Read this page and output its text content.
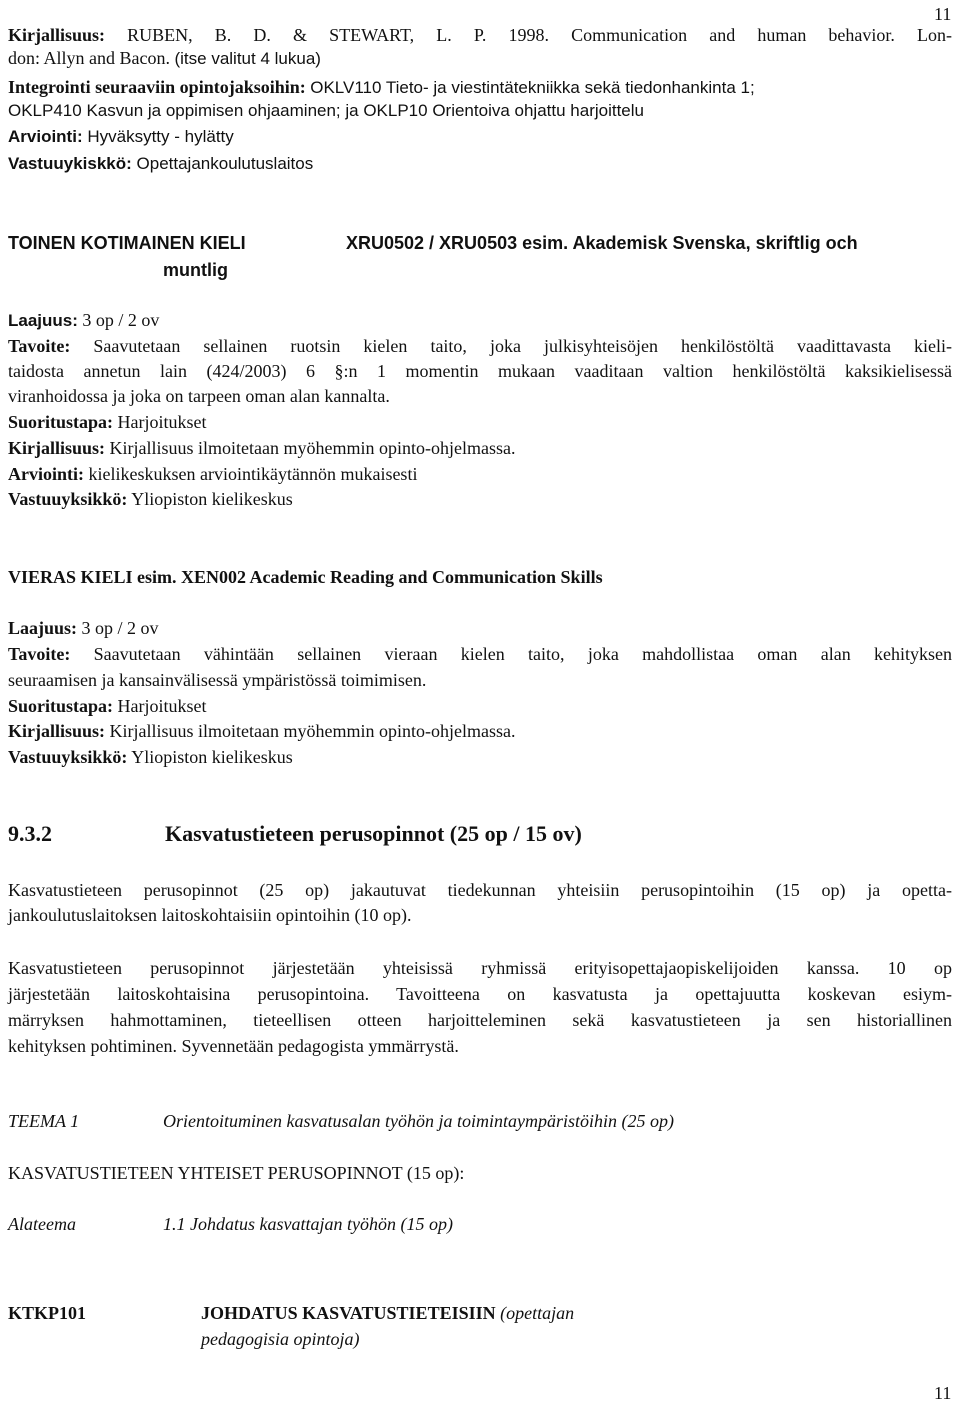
11
Kirjallisuus: RUBEN, B. D. & STEWART, L. P. 1998. Communication and human behavior. Lon-
don: Allyn and Bacon. (itse valitut 4 lukua)
Integrointi seuraaviin opintojaksoihin: OKLV110 Tieto- ja viestintätekniikka sekä tiedonhankinta 1;
OKLP410 Kasvun ja oppimisen ohjaaminen; ja OKLP10 Orientoiva ohjattu harjoittelu
Arviointi: Hyväksytty - hylätty
Vastuuykiskkö: Opettajankoulutuslaitos
TOINEN KOTIMAINEN KIELI	XRU0502 / XRU0503 esim. Akademisk Svenska, skriftlig och
muntlig
Laajuus: 3 op / 2 ov
Tavoite: Saavutetaan sellainen ruotsin kielen taito, joka julkisyhteisöjen henkilöstöltä vaadittavasta kieli-
taidosta annetun lain (424/2003) 6 §:n 1 momentin mukaan vaaditaan valtion henkilöstöltä kaksikielisessä
viranhoidossa ja joka on tarpeen oman alan kannalta.
Suoritustapa: Harjoitukset
Kirjallisuus: Kirjallisuus ilmoitetaan myöhemmin opinto-ohjelmassa.
Arviointi: kielikeskuksen arviointikäytännön mukaisesti
Vastuuyksikkö: Yliopiston kielikeskus
VIERAS KIELI esim. XEN002 Academic Reading and Communication Skills
Laajuus: 3 op / 2 ov
Tavoite: Saavutetaan vähintään sellainen vieraan kielen taito, joka mahdollistaa oman alan kehityksen
seuraamisen ja kansainvälisessä ympäristössä toimimisen.
Suoritustapa: Harjoitukset
Kirjallisuus: Kirjallisuus ilmoitetaan myöhemmin opinto-ohjelmassa.
Vastuuyksikkö: Yliopiston kielikeskus
9.3.2	Kasvatustieteen perusopinnot (25 op / 15 ov)
Kasvatustieteen perusopinnot (25 op) jakautuvat tiedekunnan yhteisiin perusopintoihin (15 op) ja opetta-
jankoulutuslaitoksen laitoskohtaisiin opintoihin (10 op).
Kasvatustieteen perusopinnot järjestetään yhteisissä ryhmissä erityisopettajaopiskelijoiden kanssa. 10 op
järjestetään laitoskohtaisina perusopintoina. Tavoitteena on kasvatusta ja opettajuutta koskevan esiym-
märryksen hahmottaminen, tieteellisen otteen harjoitteleminen sekä kasvatustieteen ja sen historiallinen
kehityksen pohtiminen. Syvennetään pedagogista ymmärrystä.
TEEMA 1	Orientoituminen kasvatusalan työhön ja toimintaympäristöihin (25 op)
KASVATUSTIETEEN YHTEISET PERUSOPINNOT (15 op):
Alateema	1.1 Johdatus kasvattajan työhön (15 op)
KTKP101	JOHDATUS KASVATUSTIETEISIIN (opettajan
pedagogisia opintoja)
11
